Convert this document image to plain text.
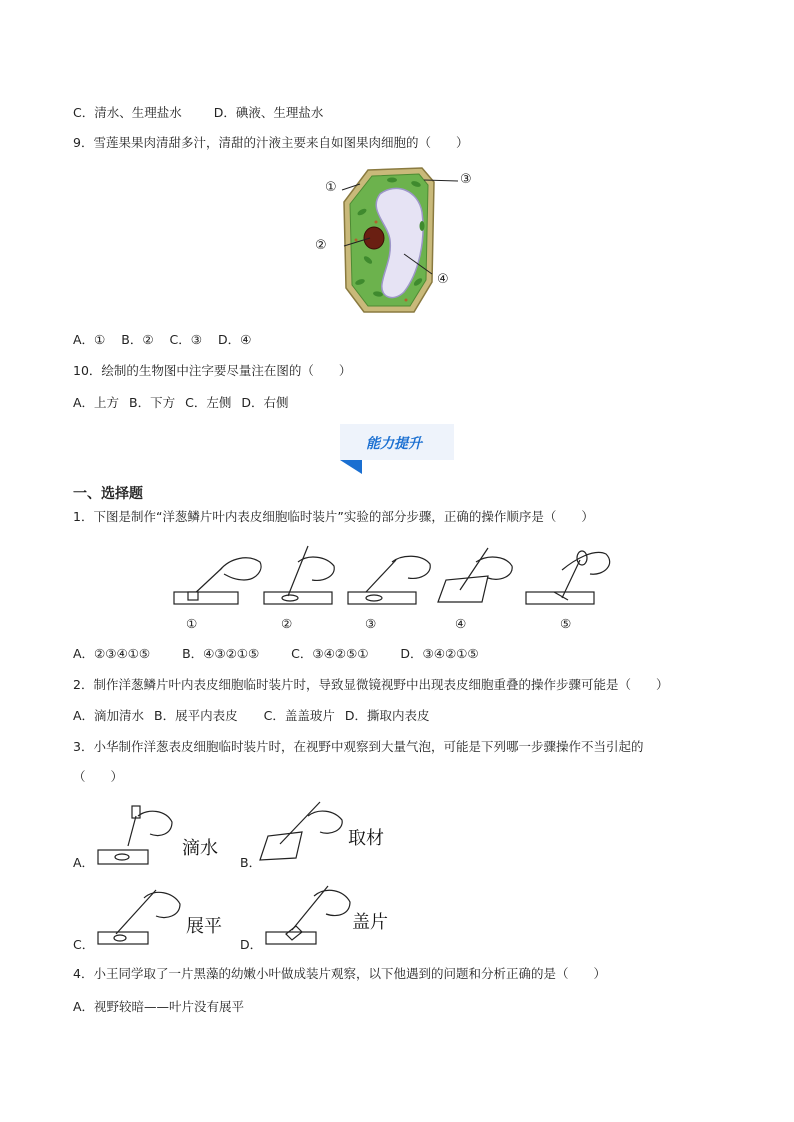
C．清水、生理盐水	D．碘液、生理盐水
9．雪莲果果肉清甜多汁，清甜的汁液主要来自如图果肉细胞的（　　）
①
②
③
④
A．① B．② C．③ D．④
10．绘制的生物图中注字要尽量注在图的（　　）
A．上方 B．下方 C．左侧 D．右侧
能力提升
一、选择题
1．下图是制作“洋葱鳞片叶内表皮细胞临时装片”实验的部分步骤，正确的操作顺序是（　　）
①	②	③	④	⑤
A．②③④①⑤	B．④③②①⑤	C．③④②⑤①	D．③④②①⑤
2．制作洋葱鳞片叶内表皮细胞临时装片时，导致显微镜视野中出现表皮细胞重叠的操作步骤可能是（　　）
A．滴加清水 B．展平内表皮 C．盖盖玻片 D．撕取内表皮
3．小华制作洋葱表皮细胞临时装片时，在视野中观察到大量气泡，可能是下列哪一步骤操作不当引起的
（　　）
A．
滴水
B．
取材
C．
展平
D．
盖片
4．小王同学取了一片黑藻的幼嫩小叶做成装片观察，以下他遇到的问题和分析正确的是（　　）
A．视野较暗——叶片没有展平
